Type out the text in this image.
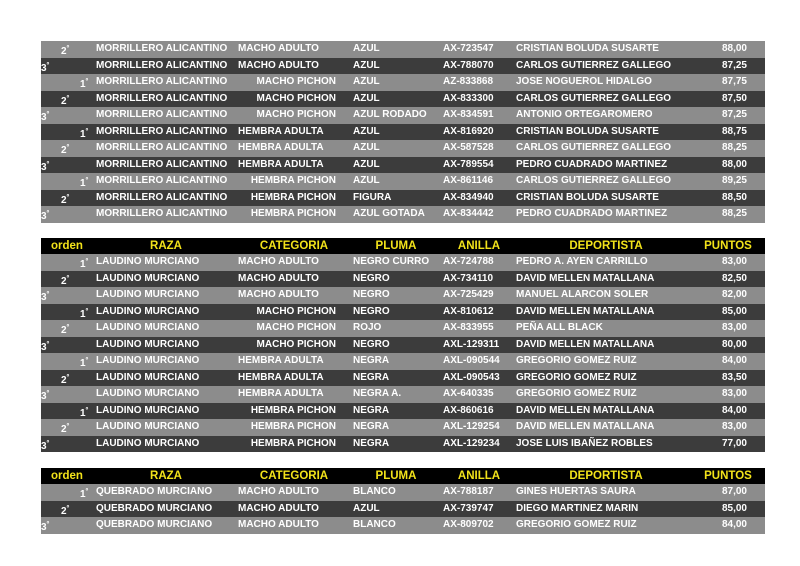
$2^º$	MORRILLERO ALICANTINO	MACHO ADULTO	AZUL	AX-723547	CRISTIAN BOLUDA SUSARTE	88,00
$3^º$	MORRILLERO ALICANTINO	MACHO ADULTO	AZUL	AX-788070	CARLOS GUTIERREZ GALLEGO	87,25
$1^º$ MORRILLERO ALICANTINO	MACHO PICHON AZUL	AZ-833868	JOSE NOGUEROL HIDALGO	87,75
$2^º$	MORRILLERO ALICANTINO	MACHO PICHON AZUL	AX-833300	CARLOS GUTIERREZ GALLEGO	87,50
$3^º$	MORRILLERO ALICANTINO	MACHO PICHON AZUL RODADO	AX-834591	ANTONIO ORTEGAROMERO	87,25
$1^º$ MORRILLERO ALICANTINO	HEMBRA ADULTA	AZUL	AX-816920	CRISTIAN BOLUDA SUSARTE	88,75
$2^º$	MORRILLERO ALICANTINO	HEMBRA ADULTA	AZUL	AX-587528	CARLOS GUTIERREZ GALLEGO	88,25
$3^º$	MORRILLERO ALICANTINO	HEMBRA ADULTA	AZUL	AX-789554	PEDRO CUADRADO MARTINEZ	88,00
$1^º$ MORRILLERO ALICANTINO	HEMBRA PICHON AZUL	AX-861146	CARLOS GUTIERREZ GALLEGO	89,25
$2^º$	MORRILLERO ALICANTINO	HEMBRA PICHON FIGURA	AX-834940	CRISTIAN BOLUDA SUSARTE	88,50
$3^º$	MORRILLERO ALICANTINO	HEMBRA PICHON AZUL GOTADA	AX-834442	PEDRO CUADRADO MARTINEZ	88,25
orden	RAZA	CATEGORIA	PLUMA	ANILLA	DEPORTISTA	PUNTOS
$1^º$ LAUDINO MURCIANO	MACHO ADULTO	NEGRO CURRO	AX-724788	PEDRO A. AYEN CARRILLO	83,00
$2^º$	LAUDINO MURCIANO	MACHO ADULTO	NEGRO	AX-734110	DAVID MELLEN MATALLANA	82,50
$3^º$	LAUDINO MURCIANO	MACHO ADULTO	NEGRO	AX-725429	MANUEL ALARCON SOLER	82,00
$1^º$ LAUDINO MURCIANO	MACHO PICHON NEGRO	AX-810612	DAVID MELLEN MATALLANA	85,00
$2^º$	LAUDINO MURCIANO	MACHO PICHON ROJO	AX-833955	PEÑA ALL BLACK	83,00
$3^º$	LAUDINO MURCIANO	MACHO PICHON NEGRO	AXL-129311	DAVID MELLEN MATALLANA	80,00
$1^º$ LAUDINO MURCIANO	HEMBRA ADULTA	NEGRA	AXL-090544	GREGORIO GOMEZ RUIZ	84,00
$2^º$	LAUDINO MURCIANO	HEMBRA ADULTA	NEGRA	AXL-090543	GREGORIO GOMEZ RUIZ	83,50
$3^º$	LAUDINO MURCIANO	HEMBRA ADULTA	NEGRA A.	AX-640335	GREGORIO GOMEZ RUIZ	83,00
$1^º$ LAUDINO MURCIANO	HEMBRA PICHON NEGRA	AX-860616	DAVID MELLEN MATALLANA	84,00
$2^º$	LAUDINO MURCIANO	HEMBRA PICHON NEGRA	AXL-129254	DAVID MELLEN MATALLANA	83,00
$3^º$	LAUDINO MURCIANO	HEMBRA PICHON NEGRA	AXL-129234	JOSE LUIS IBAÑEZ ROBLES	77,00
orden	RAZA	CATEGORIA	PLUMA	ANILLA	DEPORTISTA	PUNTOS
$1^º$ QUEBRADO MURCIANO	MACHO ADULTO	BLANCO	AX-788187	GINES HUERTAS SAURA	87,00
$2^º$	QUEBRADO MURCIANO	MACHO ADULTO	AZUL	AX-739747	DIEGO MARTINEZ MARIN	85,00
$3^º$	QUEBRADO MURCIANO	MACHO ADULTO	BLANCO	AX-809702	GREGORIO GOMEZ RUIZ	84,00
